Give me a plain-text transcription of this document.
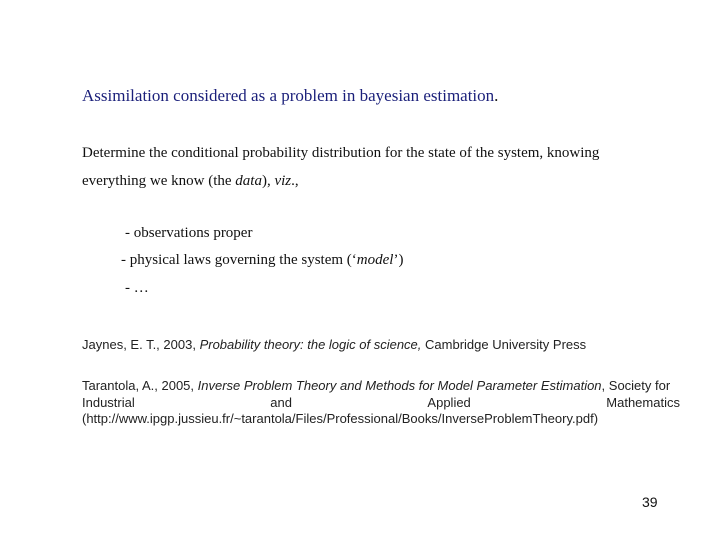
Assimilation considered as a problem in bayesian estimation.
Determine the conditional probability distribution for the state of the system, knowing
everything we know (the data), viz.,
- observations proper
- physical laws governing the system (‘model’)
- …
Jaynes, E. T., 2003, Probability theory: the logic of science, Cambridge University Press
Tarantola, A., 2005, Inverse Problem Theory and Methods for Model Parameter Estimation, Society for
Industrial	and	Applied	Mathematics
(http://www.ipgp.jussieu.fr/~tarantola/Files/Professional/Books/InverseProblemTheory.pdf)
39
